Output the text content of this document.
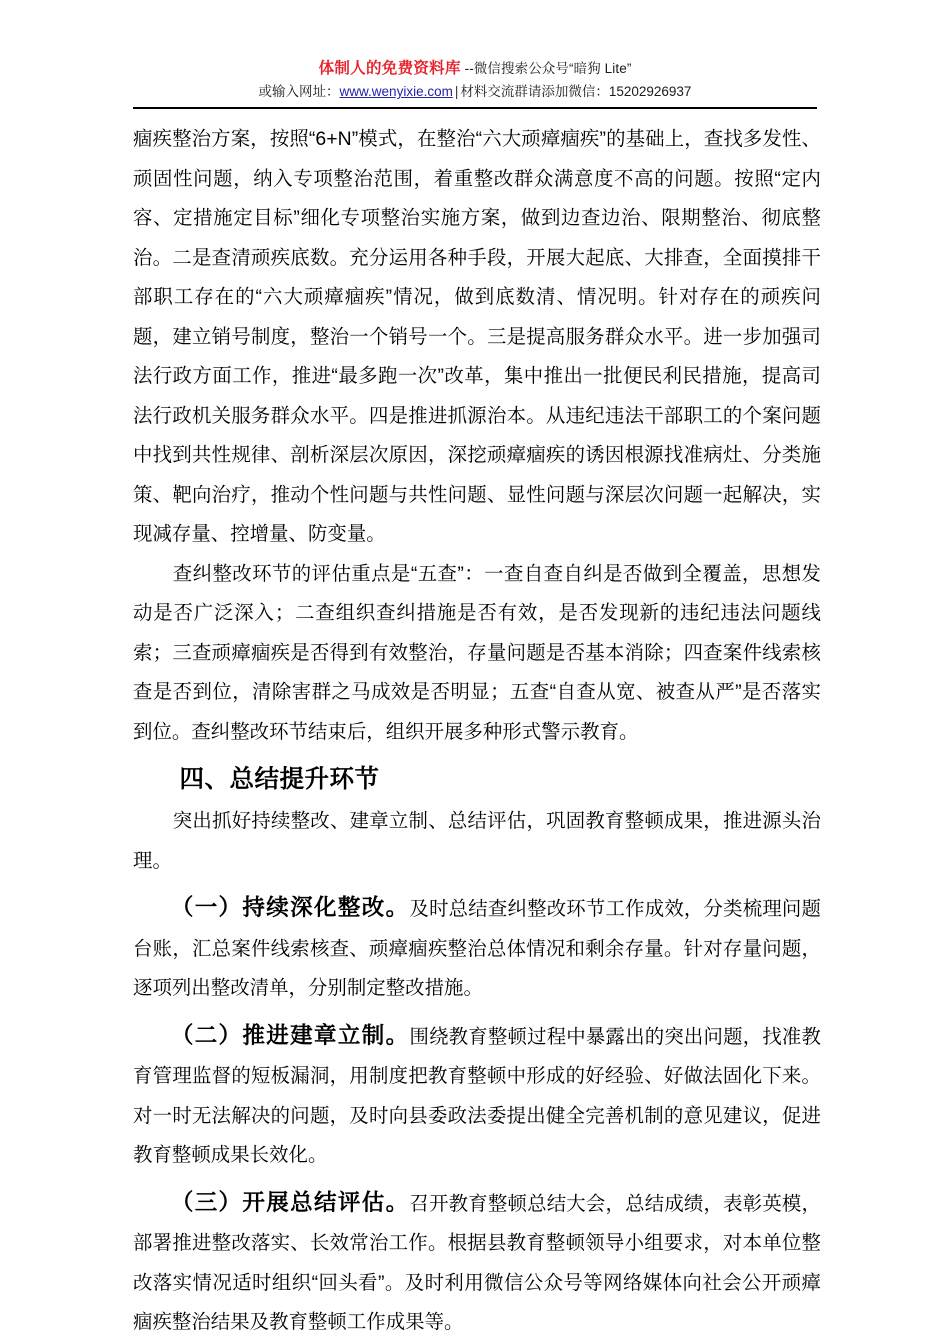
体制人的免费资料库 --微信搜索公众号“暗狗 Lite”
或输入网址：www.wenyixie.com | 材料交流群请添加微信：15202926937

痼疾整治方案，按照“6+N”模式，在整治“六大顽瘴痼疾”的基础上，查找多发性、顽固性问题，纳入专项整治范围，着重整改群众满意度不高的问题。按照“定内容、定措施定目标”细化专项整治实施方案，做到边查边治、限期整治、彻底整治。二是查清顽疾底数。充分运用各种手段，开展大起底、大排查，全面摸排干部职工存在的“六大顽瘴痼疾”情况，做到底数清、情况明。针对存在的顽疾问题，建立销号制度，整治一个销号一个。三是提高服务群众水平。进一步加强司法行政方面工作，推进“最多跑一次”改革，集中推出一批便民利民措施，提高司法行政机关服务群众水平。四是推进抓源治本。从违纪违法干部职工的个案问题中找到共性规律、剖析深层次原因，深挖顽瘴痼疾的诱因根源找准病灶、分类施策、靶向治疗，推动个性问题与共性问题、显性问题与深层次问题一起解决，实现减存量、控增量、防变量。

查纠整改环节的评估重点是“五查”：一查自查自纠是否做到全覆盖，思想发动是否广泛深入；二查组织查纠措施是否有效，是否发现新的违纪违法问题线索；三查顽瘴痼疾是否得到有效整治，存量问题是否基本消除；四查案件线索核查是否到位，清除害群之马成效是否明显；五查“自查从宽、被查从严”是否落实到位。查纠整改环节结束后，组织开展多种形式警示教育。

四、总结提升环节

突出抓好持续整改、建章立制、总结评估，巩固教育整顿成果，推进源头治理。

（一）持续深化整改。及时总结查纠整改环节工作成效，分类梳理问题台账，汇总案件线索核查、顽瘴痼疾整治总体情况和剩余存量。针对存量问题，逐项列出整改清单，分别制定整改措施。

（二）推进建章立制。围绕教育整顿过程中暴露出的突出问题，找准教育管理监督的短板漏洞，用制度把教育整顿中形成的好经验、好做法固化下来。对一时无法解决的问题，及时向县委政法委提出健全完善机制的意见建议，促进教育整顿成果长效化。

（三）开展总结评估。召开教育整顿总结大会，总结成绩，表彰英模，部署推进整改落实、长效常治工作。根据县教育整顿领导小组要求，对本单位整改落实情况适时组织“回头看”。及时利用微信公众号等网络媒体向社会公开顽瘴痼疾整治结果及教育整顿工作成果等。
